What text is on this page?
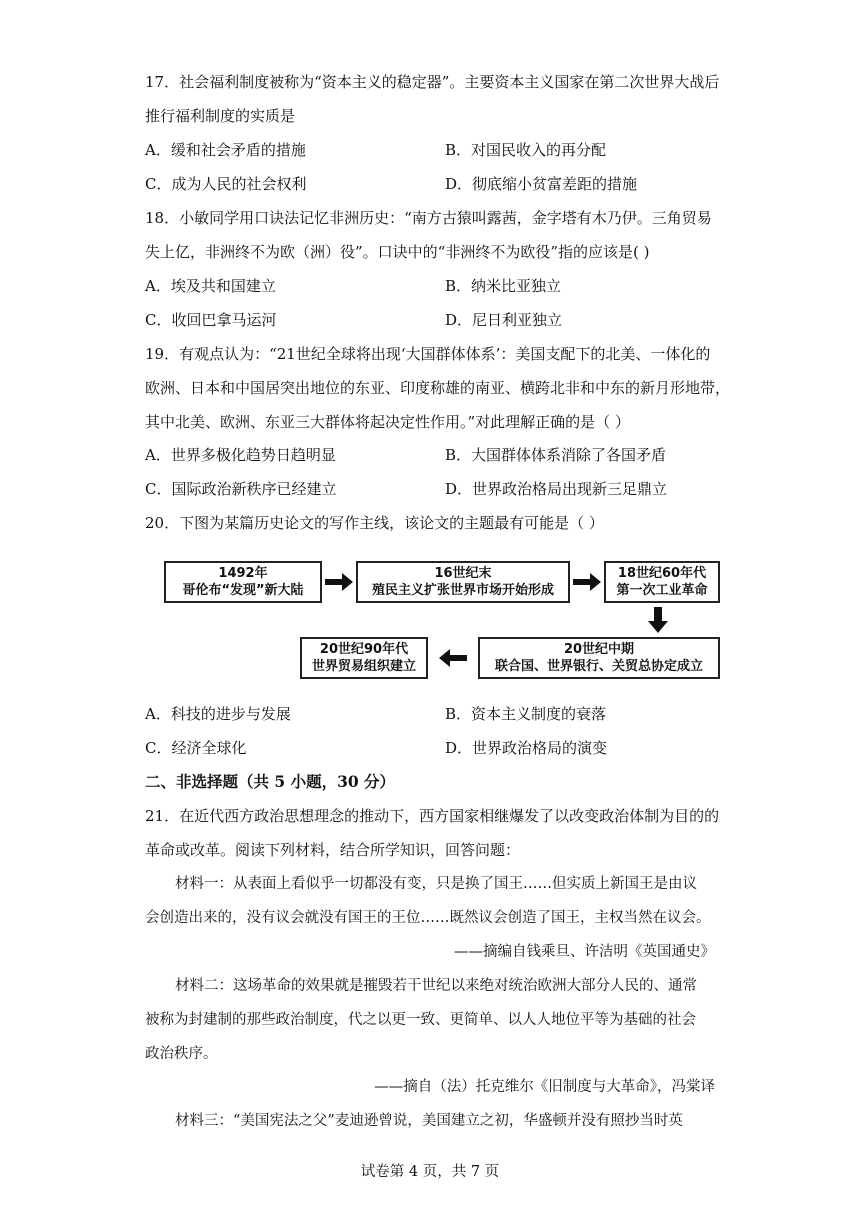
17．社会福利制度被称为“资本主义的稳定器”。主要资本主义国家在第二次世界大战后
推行福利制度的实质是
A．缓和社会矛盾的措施	B．对国民收入的再分配
C．成为人民的社会权利	D．彻底缩小贫富差距的措施
18．小敏同学用口诀法记忆非洲历史：“南方古猿叫露茜，金字塔有木乃伊。三角贸易
失上亿，非洲终不为欧（洲）役”。口诀中的“非洲终不为欧役”指的应该是( )
A．埃及共和国建立	B．纳米比亚独立
C．收回巴拿马运河	D．尼日利亚独立
19．有观点认为：“21世纪全球将出现‘大国群体体系’：美国支配下的北美、一体化的
欧洲、日本和中国居突出地位的东亚、印度称雄的南亚、横跨北非和中东的新月形地带，
其中北美、欧洲、东亚三大群体将起决定性作用。”对此理解正确的是（ ）
A．世界多极化趋势日趋明显	B．大国群体体系消除了各国矛盾
C．国际政治新秩序已经建立	D．世界政治格局出现新三足鼎立
20．下图为某篇历史论文的写作主线，该论文的主题最有可能是（ ）
1492年
哥伦布“发现”新大陆
16世纪末
殖民主义扩张世界市场开始形成
18世纪60年代
第一次工业革命
20世纪中期
联合国、世界银行、关贸总协定成立
20世纪90年代
世界贸易组织建立
A．科技的进步与发展	B．资本主义制度的衰落
C．经济全球化	D．世界政治格局的演变
二、非选择题（共 5 小题，30 分）
21．在近代西方政治思想理念的推动下，西方国家相继爆发了以改变政治体制为目的的
革命或改革。阅读下列材料，结合所学知识，回答问题：
材料一：从表面上看似乎一切都没有变，只是换了国王……但实质上新国王是由议
会创造出来的，没有议会就没有国王的王位……既然议会创造了国王，主权当然在议会。
——摘编自钱乘旦、许洁明《英国通史》
材料二：这场革命的效果就是摧毁若干世纪以来绝对统治欧洲大部分人民的、通常
被称为封建制的那些政治制度，代之以更一致、更简单、以人人地位平等为基础的社会
政治秩序。
——摘自（法）托克维尔《旧制度与大革命》，冯棠译
材料三：“美国宪法之父”麦迪逊曾说，美国建立之初，华盛顿并没有照抄当时英
试卷第 4 页，共 7 页
